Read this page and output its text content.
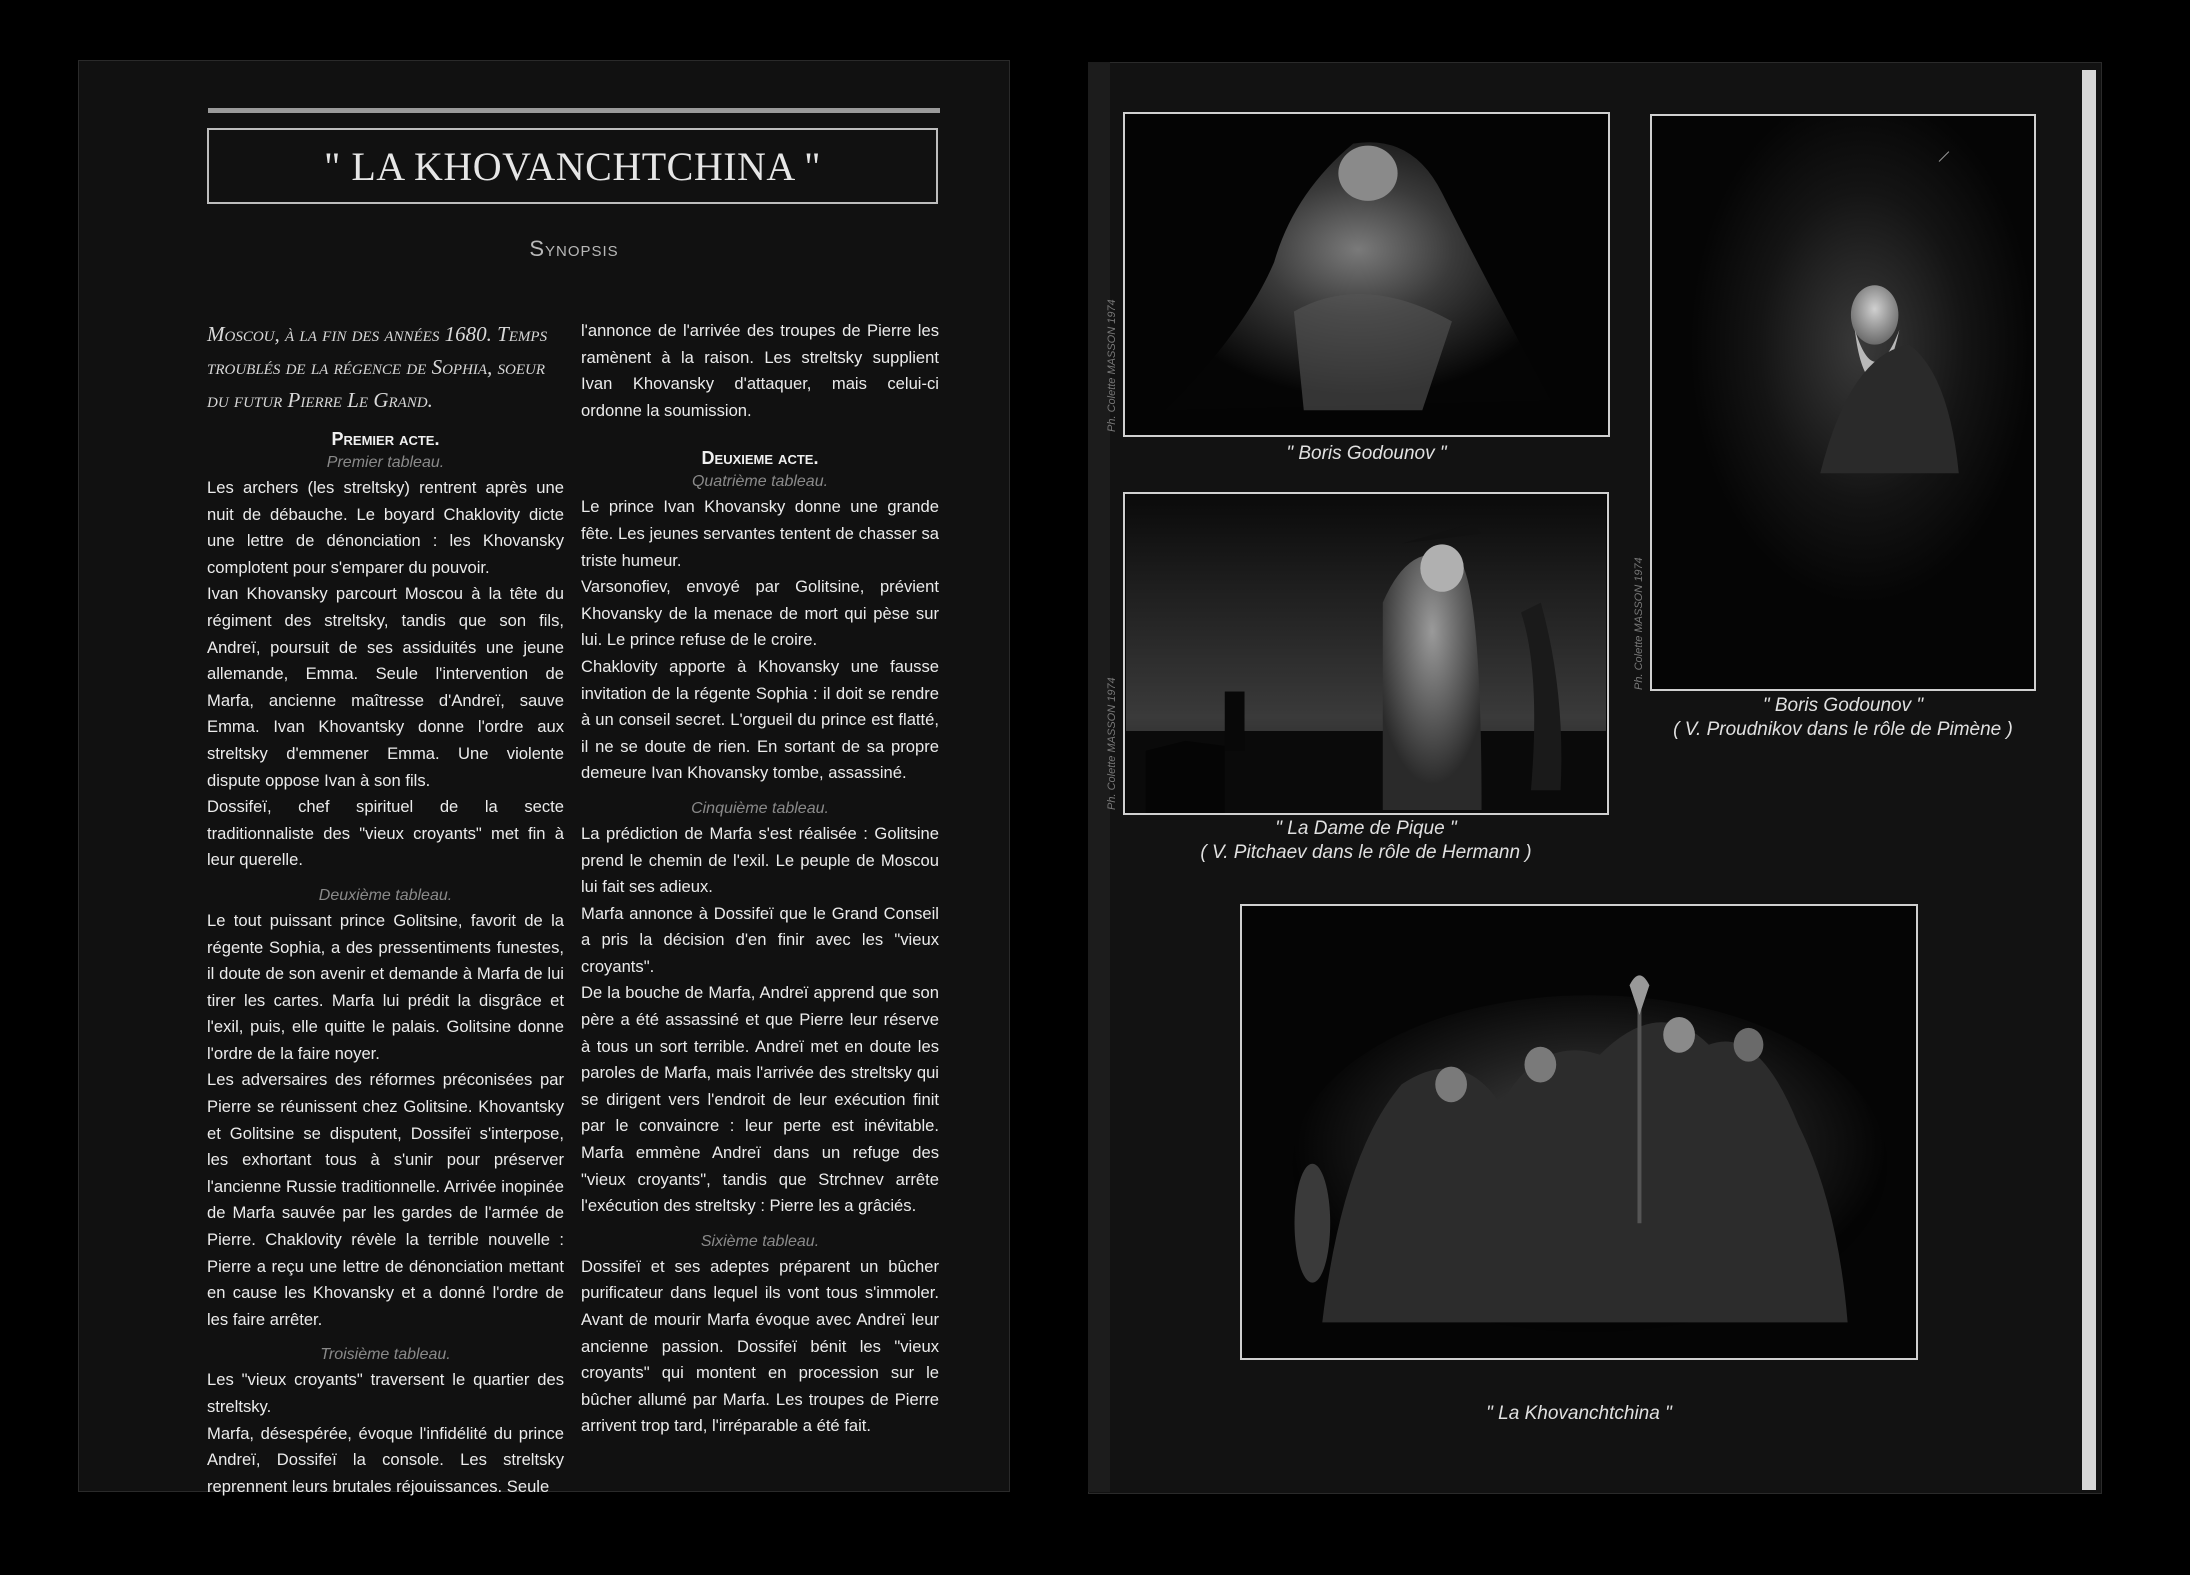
" LA KHOVANCHTCHINA "
Synopsis

Moscou, à la fin des années 1680. Temps troublés de la régence de Sophia, soeur du futur Pierre Le Grand.

Premier acte.

Premier tableau.

Les archers (les streltsky) rentrent après une nuit de débauche. Le boyard Chaklovity dicte une lettre de dénonciation : les Khovansky complotent pour s'emparer du pouvoir.

Ivan Khovansky parcourt Moscou à la tête du régiment des streltsky, tandis que son fils, Andreï, poursuit de ses assiduités une jeune allemande, Emma. Seule l'intervention de Marfa, ancienne maîtresse d'Andreï, sauve Emma. Ivan Khovantsky donne l'ordre aux streltsky d'emmener Emma. Une violente dispute oppose Ivan à son fils.

Dossifeï, chef spirituel de la secte traditionnaliste des "vieux croyants" met fin à leur querelle.

Deuxième tableau.

Le tout puissant prince Golitsine, favorit de la régente Sophia, a des pressentiments funestes, il doute de son avenir et demande à Marfa de lui tirer les cartes. Marfa lui prédit la disgrâce et l'exil, puis, elle quitte le palais. Golitsine donne l'ordre de la faire noyer.

Les adversaires des réformes préconisées par Pierre se réunissent chez Golitsine. Khovantsky et Golitsine se disputent, Dossifeï s'interpose, les exhortant tous à s'unir pour préserver l'ancienne Russie traditionnelle. Arrivée inopinée de Marfa sauvée par les gardes de l'armée de Pierre. Chaklovity révèle la terrible nouvelle : Pierre a reçu une lettre de dénonciation mettant en cause les Khovansky et a donné l'ordre de les faire arrêter.

Troisième tableau.

Les "vieux croyants" traversent le quartier des streltsky.

Marfa, désespérée, évoque l'infidélité du prince Andreï, Dossifeï la console. Les streltsky reprennent leurs brutales réjouissances. Seule

l'annonce de l'arrivée des troupes de Pierre les ramènent à la raison. Les streltsky supplient Ivan Khovansky d'attaquer, mais celui-ci ordonne la soumission.

Deuxieme acte.

Quatrième tableau.

Le prince Ivan Khovansky donne une grande fête. Les jeunes servantes tentent de chasser sa triste humeur.

Varsonofiev, envoyé par Golitsine, prévient Khovansky de la menace de mort qui pèse sur lui. Le prince refuse de le croire.

Chaklovity apporte à Khovansky une fausse invitation de la régente Sophia : il doit se rendre à un conseil secret. L'orgueil du prince est flatté, il ne se doute de rien. En sortant de sa propre demeure Ivan Khovansky tombe, assassiné.

Cinquième tableau.

La prédiction de Marfa s'est réalisée : Golitsine prend le chemin de l'exil. Le peuple de Moscou lui fait ses adieux.

Marfa annonce à Dossifeï que le Grand Conseil a pris la décision d'en finir avec les "vieux croyants".

De la bouche de Marfa, Andreï apprend que son père a été assassiné et que Pierre leur réserve à tous un sort terrible. Andreï met en doute les paroles de Marfa, mais l'arrivée des streltsky qui se dirigent vers l'endroit de leur exécution finit par le convaincre : leur perte est inévitable. Marfa emmène Andreï dans un refuge des "vieux croyants", tandis que Strchnev arrête l'exécution des streltsky : Pierre les a grâciés.

Sixième tableau.

Dossifeï et ses adeptes préparent un bûcher purificateur dans lequel ils vont tous s'immoler. Avant de mourir Marfa évoque avec Andreï leur ancienne passion. Dossifeï bénit les "vieux croyants" qui montent en procession sur le bûcher allumé par Marfa. Les troupes de Pierre arrivent trop tard, l'irréparable a été fait.

Ph. Colette MASSON 1974
" Boris Godounov "
Ph. Colette MASSON 1974
" La Dame de Pique "
( V. Pitchaev dans le rôle de Hermann )
Ph. Colette MASSON 1974
" Boris Godounov "
( V. Proudnikov dans le rôle de Pimène )
" La Khovanchtchina "
